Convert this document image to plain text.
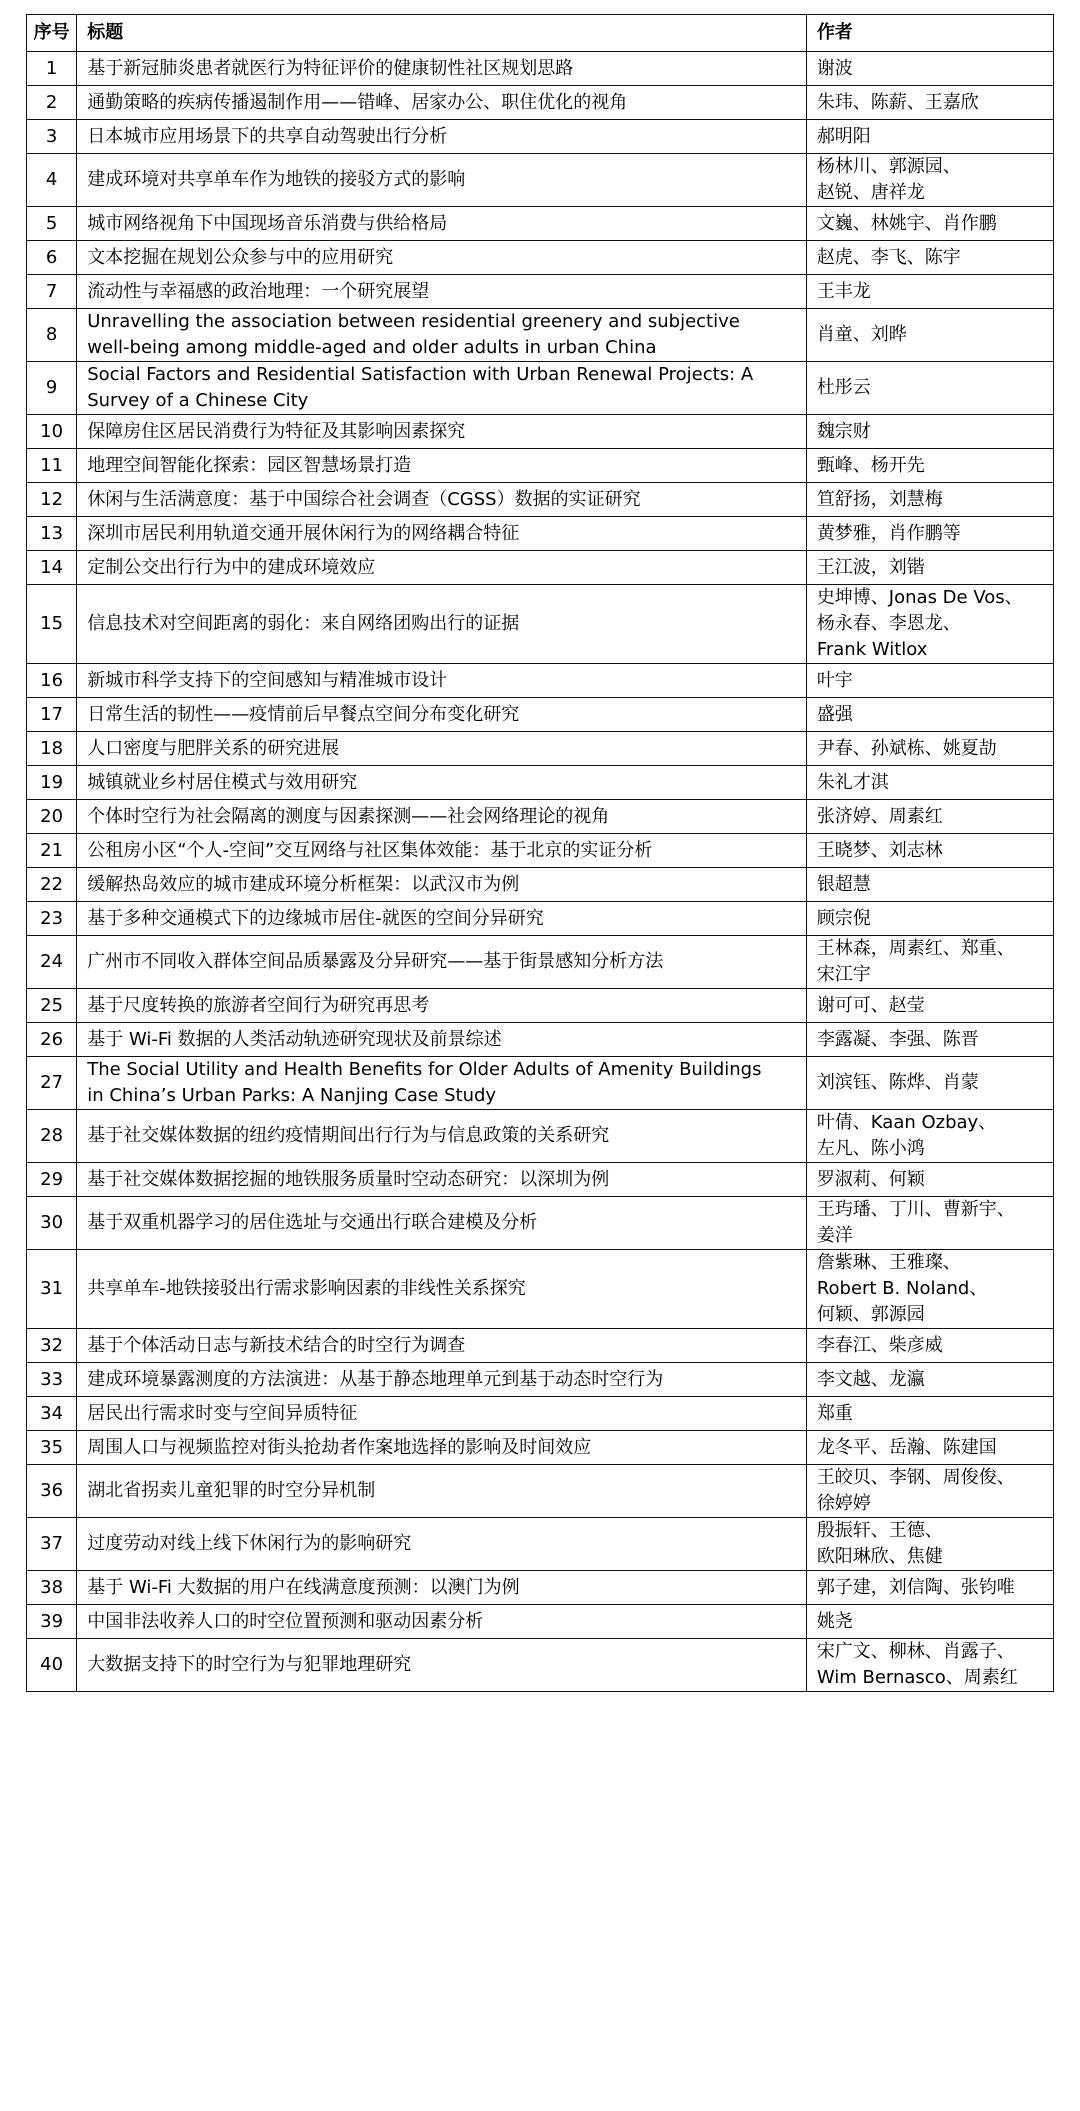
序号	标题	作者
1	基于新冠肺炎患者就医行为特征评价的健康韧性社区规划思路	谢波

2	通勤策略的疾病传播遏制作用——错峰、居家办公、职住优化的视角	朱玮、陈薪、王嘉欣

3	日本城市应用场景下的共享自动驾驶出行分析	郝明阳

4	建成环境对共享单车作为地铁的接驳方式的影响	杨林川、郭源园、
赵锐、唐祥龙

5	城市网络视角下中国现场音乐消费与供给格局	文巍、林姚宇、肖作鹏

6	文本挖掘在规划公众参与中的应用研究	赵虎、李飞、陈宇

7	流动性与幸福感的政治地理：一个研究展望	王丰龙

8	Unravelling the association between residential greenery and subjective
well-being among middle-aged and older adults in urban China	肖童、刘晔

9	Social Factors and Residential Satisfaction with Urban Renewal Projects: A
Survey of a Chinese City	杜彤云

10	保障房住区居民消费行为特征及其影响因素探究	魏宗财

11	地理空间智能化探索：园区智慧场景打造	甄峰、杨开先

12	休闲与生活满意度：基于中国综合社会调查（CGSS）数据的实证研究	笪舒扬，刘慧梅

13	深圳市居民利用轨道交通开展休闲行为的网络耦合特征	黄梦雅，肖作鹏等

14	定制公交出行行为中的建成环境效应	王江波，刘锴

15	信息技术对空间距离的弱化：来自网络团购出行的证据	史坤博、Jonas De Vos、
杨永春、李恩龙、
Frank Witlox

16	新城市科学支持下的空间感知与精准城市设计	叶宇

17	日常生活的韧性——疫情前后早餐点空间分布变化研究	盛强

18	人口密度与肥胖关系的研究进展	尹春、孙斌栋、姚夏劼

19	城镇就业乡村居住模式与效用研究	朱礼才淇

20	个体时空行为社会隔离的测度与因素探测——社会网络理论的视角	张济婷、周素红

21	公租房小区“个人-空间”交互网络与社区集体效能：基于北京的实证分析	王晓梦、刘志林

22	缓解热岛效应的城市建成环境分析框架：以武汉市为例	银超慧

23	基于多种交通模式下的边缘城市居住-就医的空间分异研究	顾宗倪

24	广州市不同收入群体空间品质暴露及分异研究——基于街景感知分析方法	王林森，周素红、郑重、
宋江宇

25	基于尺度转换的旅游者空间行为研究再思考	谢可可、赵莹

26	基于 Wi-Fi 数据的人类活动轨迹研究现状及前景综述	李露凝、李强、陈晋

27	The Social Utility and Health Benefits for Older Adults of Amenity Buildings
in China’s Urban Parks: A Nanjing Case Study	刘滨钰、陈烨、肖蒙

28	基于社交媒体数据的纽约疫情期间出行行为与信息政策的关系研究	叶倩、Kaan Ozbay、
左凡、陈小鸿

29	基于社交媒体数据挖掘的地铁服务质量时空动态研究：以深圳为例	罗淑莉、何颖

30	基于双重机器学习的居住选址与交通出行联合建模及分析	王玙璠、丁川、曹新宇、
姜洋

31	共享单车-地铁接驳出行需求影响因素的非线性关系探究	詹紫琳、王雅璨、
Robert B. Noland、
何颖、郭源园

32	基于个体活动日志与新技术结合的时空行为调查	李春江、柴彦威

33	建成环境暴露测度的方法演进：从基于静态地理单元到基于动态时空行为	李文越、龙瀛

34	居民出行需求时变与空间异质特征	郑重

35	周围人口与视频监控对街头抢劫者作案地选择的影响及时间效应	龙冬平、岳瀚、陈建国

36	湖北省拐卖儿童犯罪的时空分异机制	王皎贝、李钢、周俊俊、
徐婷婷

37	过度劳动对线上线下休闲行为的影响研究	殷振轩、王德、
欧阳琳欣、焦健

38	基于 Wi-Fi 大数据的用户在线满意度预测：以澳门为例	郭子建，刘信陶、张钧唯

39	中国非法收养人口的时空位置预测和驱动因素分析	姚尧

40	大数据支持下的时空行为与犯罪地理研究	宋广文、柳林、肖露子、
Wim Bernasco、周素红
